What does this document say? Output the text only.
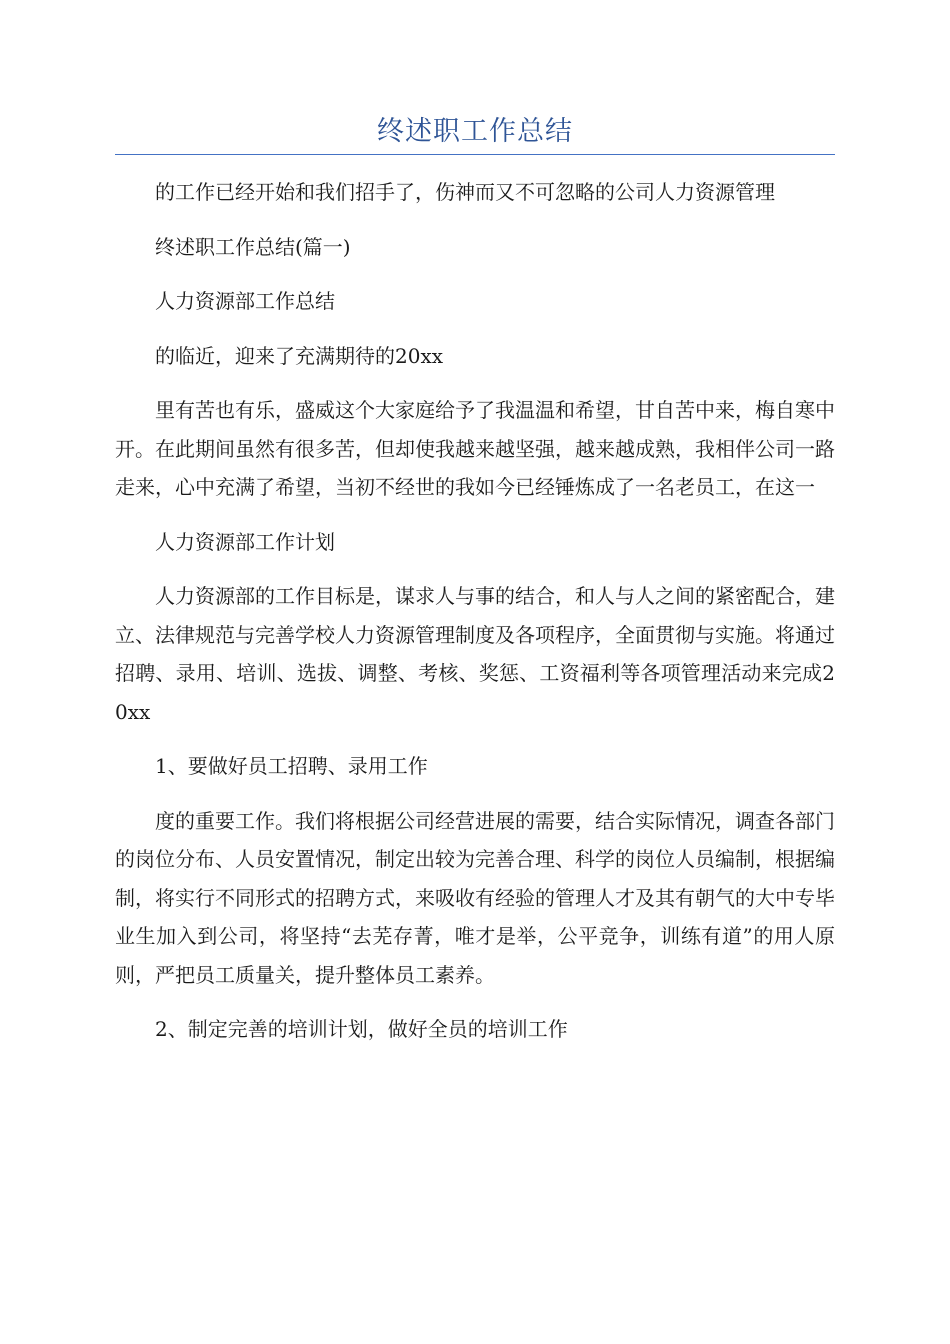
终述职工作总结

的工作已经开始和我们招手了，伤神而又不可忽略的公司人力资源管理

终述职工作总结(篇一)

人力资源部工作总结

的临近，迎来了充满期待的20xx

里有苦也有乐，盛威这个大家庭给予了我温温和希望，甘自苦中来，梅自寒中开。在此期间虽然有很多苦，但却使我越来越坚强，越来越成熟，我相伴公司一路走来，心中充满了希望，当初不经世的我如今已经锤炼成了一名老员工，在这一

人力资源部工作计划

人力资源部的工作目标是，谋求人与事的结合，和人与人之间的紧密配合，建立、法律规范与完善学校人力资源管理制度及各项程序，全面贯彻与实施。将通过招聘、录用、培训、选拔、调整、考核、奖惩、工资福利等各项管理活动来完成20xx

1、要做好员工招聘、录用工作

度的重要工作。我们将根据公司经营进展的需要，结合实际情况，调查各部门的岗位分布、人员安置情况，制定出较为完善合理、科学的岗位人员编制，根据编制，将实行不同形式的招聘方式，来吸收有经验的管理人才及其有朝气的大中专毕业生加入到公司，将坚持“去芜存菁，唯才是举，公平竞争，训练有道”的用人原则，严把员工质量关，提升整体员工素养。

2、制定完善的培训计划，做好全员的培训工作
